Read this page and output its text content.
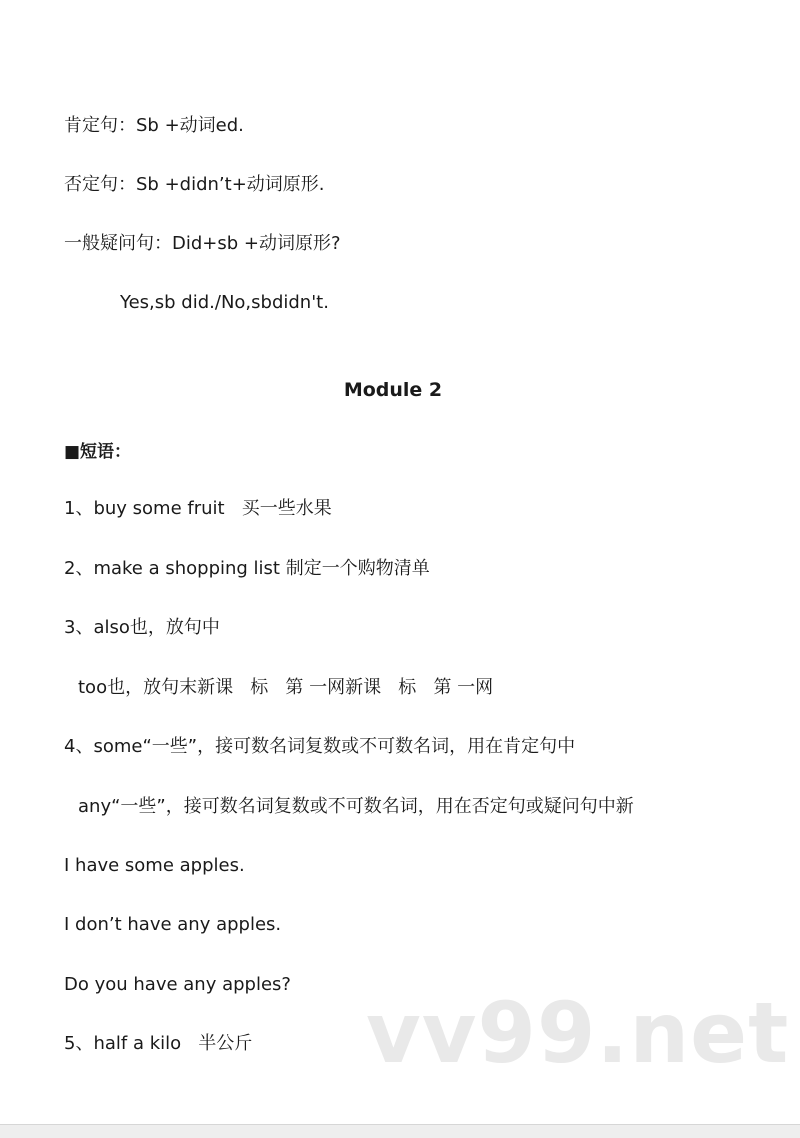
肯定句：Sb +动词ed.
否定句：Sb +didn’t+动词原形.
一般疑问句：Did+sb +动词原形?
Yes,sb did./No,sbdidn't.
Module 2
■短语：
1、buy some fruit   买一些水果
2、make a shopping list 制定一个购物清单
3、also也，放句中
too也，放句末新课   标   第 一网新课   标   第 一网
4、some“一些”，接可数名词复数或不可数名词，用在肯定句中
any“一些”，接可数名词复数或不可数名词，用在否定句或疑问句中新
I have some apples.
I don’t have any apples.
Do you have any apples?
5、half a kilo   半公斤 vv99.net
